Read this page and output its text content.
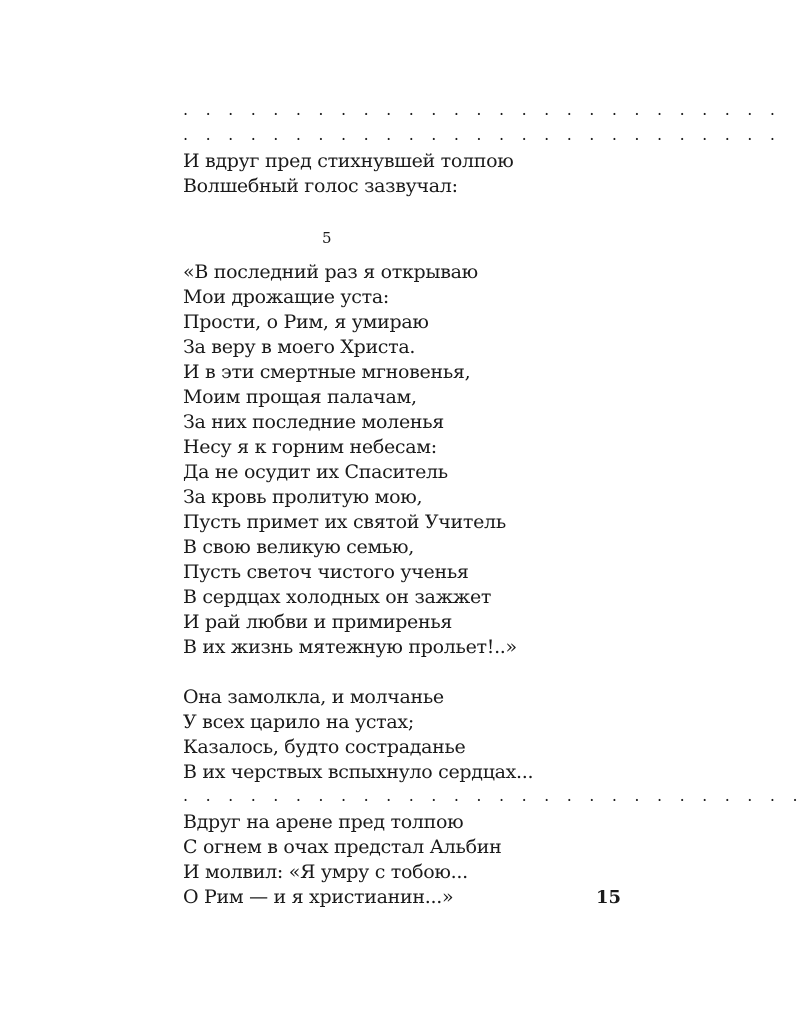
. . . . . . . . . . . . . . . . . . . . . . . . . . .
. . . . . . . . . . . . . . . . . . . . . . . . . . .
И вдруг пред стихнувшей толпою
Волшебный голос зазвучал:
5
«В последний раз я открываю
Мои дрожащие уста:
Прости, о Рим, я умираю
За веру в моего Христа.
И в эти смертные мгновенья,
Моим прощая палачам,
За них последние моленья
Несу я к горним небесам:
Да не осудит их Спаситель
За кровь пролитую мою,
Пусть примет их святой Учитель
В свою великую семью,
Пусть светоч чистого ученья
В сердцах холодных он зажжет
И рай любви и примиренья
В их жизнь мятежную прольет!..»
Она замолкла, и молчанье
У всех царило на устах;
Казалось, будто состраданье
В их черствых вспыхнуло сердцах...
. . . . . . . . . . . . . . . . . . . . . . . . . . . .
Вдруг на арене пред толпою
С огнем в очах предстал Альбин
И молвил: «Я умру с тобою...
О Рим — и я христианин...»	15
